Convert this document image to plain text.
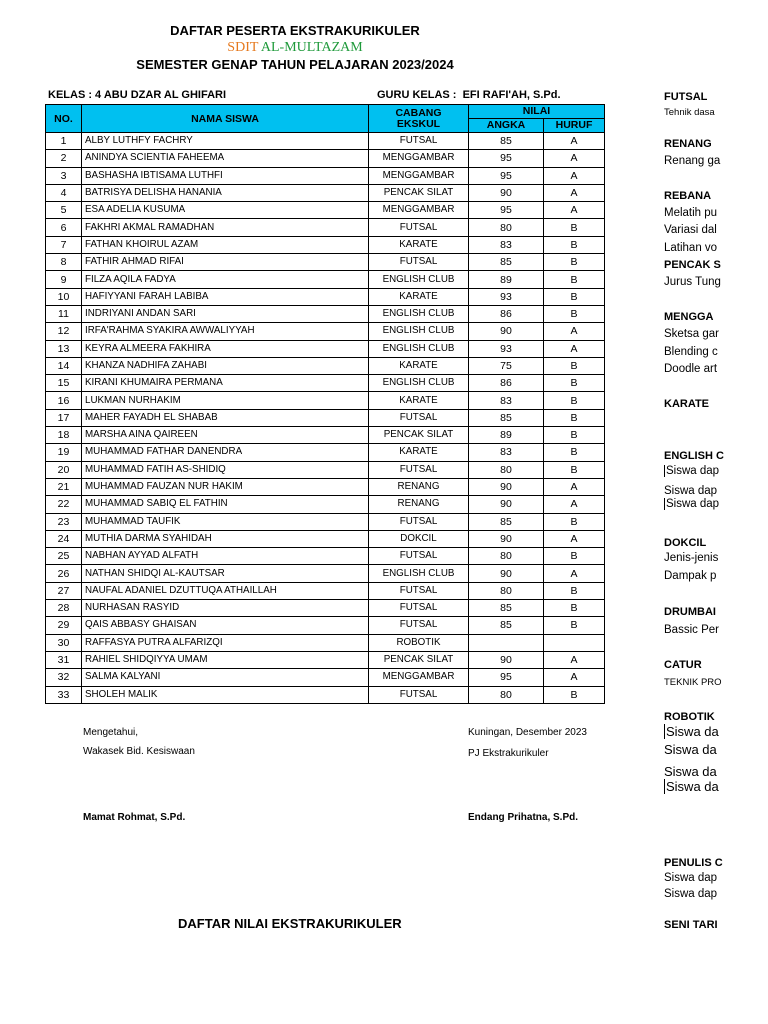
DAFTAR PESERTA EKSTRAKURIKULER
SDIT AL-MULTAZAM
SEMESTER GENAP TAHUN PELAJARAN 2023/2024
KELAS : 4 ABU DZAR AL GHIFARI	GURU KELAS : EFI RAFI'AH, S.Pd.
NO.	NAMA SISWA	CABANG
EKSKUL	NILAI	
			ANGKA	HURUF
1	ALBY LUTHFY FACHRY	FUTSAL	85	A
2	ANINDYA SCIENTIA FAHEEMA	MENGGAMBAR	95	A
3	BASHASHA IBTISAMA LUTHFI	MENGGAMBAR	95	A
4	BATRISYA DELISHA HANANIA	PENCAK SILAT	90	A
5	ESA ADELIA KUSUMA	MENGGAMBAR	95	A
6	FAKHRI AKMAL RAMADHAN	FUTSAL	80	B
7	FATHAN KHOIRUL AZAM	KARATE	83	B
8	FATHIR AHMAD RIFAI	FUTSAL	85	B
9	FILZA AQILA FADYA	ENGLISH CLUB	89	B
10	HAFIYYANI FARAH LABIBA	KARATE	93	B
11	INDRIYANI ANDAN SARI	ENGLISH CLUB	86	B
12	IRFA'RAHMA SYAKIRA AWWALIYYAH	ENGLISH CLUB	90	A
13	KEYRA ALMEERA FAKHIRA	ENGLISH CLUB	93	A
14	KHANZA NADHIFA ZAHABI	KARATE	75	B
15	KIRANI KHUMAIRA PERMANA	ENGLISH CLUB	86	B
16	LUKMAN NURHAKIM	KARATE	83	B
17	MAHER FAYADH EL SHABAB	FUTSAL	85	B
18	MARSHA AINA QAIREEN	PENCAK SILAT	89	B
19	MUHAMMAD FATHAR DANENDRA	KARATE	83	B
20	MUHAMMAD FATIH AS-SHIDIQ	FUTSAL	80	B
21	MUHAMMAD FAUZAN NUR HAKIM	RENANG	90	A
22	MUHAMMAD SABIQ EL FATHIN	RENANG	90	A
23	MUHAMMAD TAUFIK	FUTSAL	85	B
24	MUTHIA DARMA SYAHIDAH	DOKCIL	90	A
25	NABHAN AYYAD ALFATH	FUTSAL	80	B
26	NATHAN SHIDQI AL-KAUTSAR	ENGLISH CLUB	90	A
27	NAUFAL ADANIEL DZUTTUQA ATHAILLAH	FUTSAL	80	B
28	NURHASAN RASYID	FUTSAL	85	B
29	QAIS ABBASY GHAISAN	FUTSAL	85	B
30	RAFFASYA PUTRA ALFARIZQI	ROBOTIK		
31	RAHIEL SHIDQIYYA UMAM	PENCAK SILAT	90	A
32	SALMA KALYANI	MENGGAMBAR	95	A
33	SHOLEH MALIK	FUTSAL	80	B
Mengetahui,
Wakasek Bid. Kesiswaan
Mamat Rohmat, S.Pd.
Kuningan, Desember 2023
PJ Ekstrakurikuler
Endang Prihatna, S.Pd.
DAFTAR NILAI EKSTRAKURIKULER
FUTSAL
Tehnik dasa
RENANG
Renang ga
REBANA
Melatih pu
Variasi dal
Latihan vo
PENCAK S
Jurus Tung
MENGGA
Sketsa gar
Blending c
Doodle art
KARATE
ENGLISH C
Siswa dap
Siswa dap
Siswa dap
DOKCIL
Jenis-jenis
Dampak p
DRUMBAI
Bassic Per
CATUR
TEKNIK PRO
ROBOTIK
Siswa da
Siswa da
Siswa da
Siswa da
PENULIS C
Siswa dap
Siswa dap
SENI TARI
